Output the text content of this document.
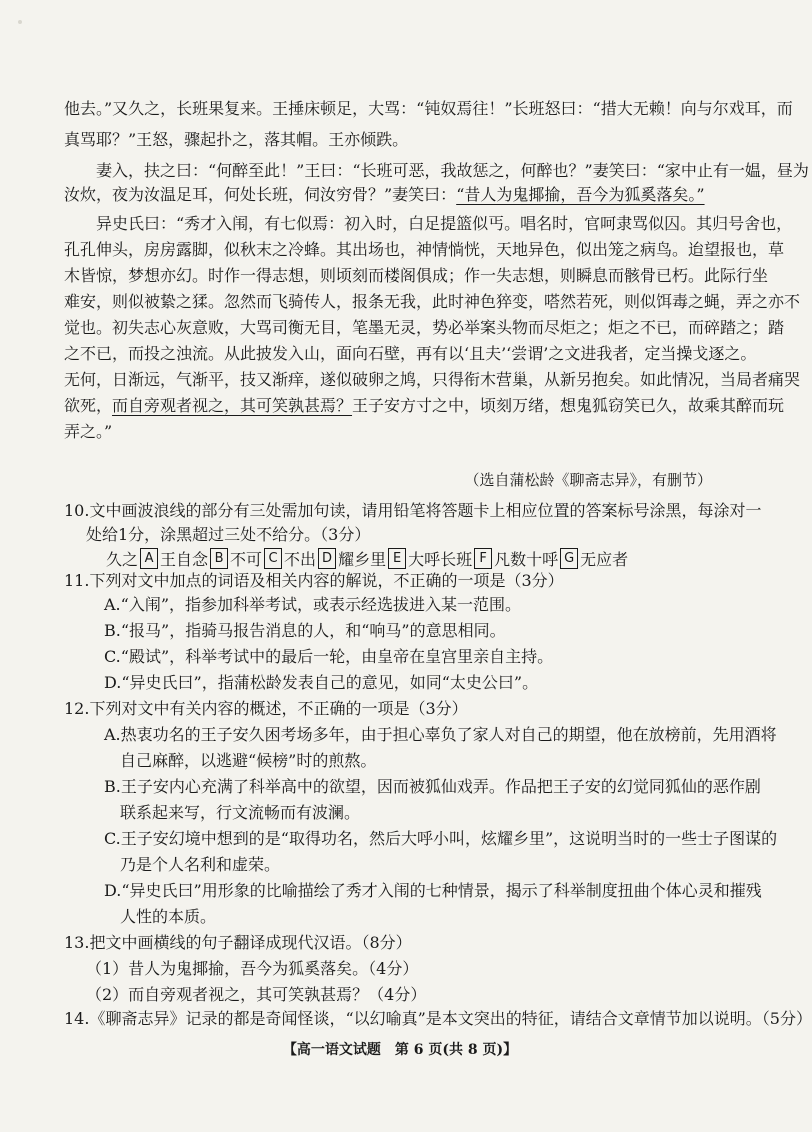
他去。”又久之，长班果复来。王捶床顿足，大骂：“钝奴焉往！”长班怒曰：“措大无赖！向与尔戏耳，而
真骂耶？”王怒，骤起扑之，落其帽。王亦倾跌。
妻入，扶之曰：“何醉至此！”王曰：“长班可恶，我故惩之，何醉也？”妻笑曰：“家中止有一媪，昼为
汝炊，夜为汝温足耳，何处长班，伺汝穷骨？”妻笑曰：“昔人为鬼揶揄，吾今为狐奚落矣。”
异史氏曰：“秀才入闱，有七似焉：初入时，白足提篮似丐。唱名时，官呵隶骂似囚。其归号舍也，
孔孔伸头，房房露脚，似秋末之冷蜂。其出场也，神情惝恍，天地异色，似出笼之病鸟。迨望报也，草
木皆惊，梦想亦幻。时作一得志想，则顷刻而楼阁俱成；作一失志想，则瞬息而骸骨已朽。此际行坐
难安，则似被絷之猱。忽然而飞骑传人，报条无我，此时神色猝变，嗒然若死，则似饵毒之蝇，弄之亦不
觉也。初失志心灰意败，大骂司衡无目，笔墨无灵，势必举案头物而尽炬之；炬之不已，而碎踏之；踏
之不已，而投之浊流。从此披发入山，面向石壁，再有以‘且夫’‘尝谓’之文进我者，定当操戈逐之。
无何，日渐远，气渐平，技又渐痒，遂似破卵之鸠，只得衔木营巢，从新另抱矣。如此情况，当局者痛哭
欲死，而自旁观者视之，其可笑孰甚焉？王子安方寸之中，顷刻万绪，想鬼狐窃笑已久，故乘其醉而玩
弄之。”
（选自蒲松龄《聊斋志异》，有删节）
10.文中画波浪线的部分有三处需加句读，请用铅笔将答题卡上相应位置的答案标号涂黑，每涂对一
处给1分，涂黑超过三处不给分。（3分）
久之 A 王自念 B 不可 C 不出 D 耀乡里 E 大呼长班 F 凡数十呼 G 无应者
11.下列对文中加点的词语及相关内容的解说，不正确的一项是（3分）
A.“入闱”，指参加科举考试，或表示经选拔进入某一范围。
B.“报马”，指骑马报告消息的人，和“响马”的意思相同。
C.“殿试”，科举考试中的最后一轮，由皇帝在皇宫里亲自主持。
D.“异史氏曰”，指蒲松龄发表自己的意见，如同“太史公曰”。
12.下列对文中有关内容的概述，不正确的一项是（3分）
A.热衷功名的王子安久困考场多年，由于担心辜负了家人对自己的期望，他在放榜前，先用酒将
自己麻醉，以逃避“候榜”时的煎熬。
B.王子安内心充满了科举高中的欲望，因而被狐仙戏弄。作品把王子安的幻觉同狐仙的恶作剧
联系起来写，行文流畅而有波澜。
C.王子安幻境中想到的是“取得功名，然后大呼小叫，炫耀乡里”，这说明当时的一些士子图谋的
乃是个人名利和虚荣。
D.“异史氏曰”用形象的比喻描绘了秀才入闱的七种情景，揭示了科举制度扭曲个体心灵和摧残
人性的本质。
13.把文中画横线的句子翻译成现代汉语。（8分）
（1）昔人为鬼揶揄，吾今为狐奚落矣。（4分）
（2）而自旁观者视之，其可笑孰甚焉？（4分）
14.《聊斋志异》记录的都是奇闻怪谈，“以幻喻真”是本文突出的特征，请结合文章情节加以说明。（5分）
【高一语文试题　第 6 页(共 8 页)】
